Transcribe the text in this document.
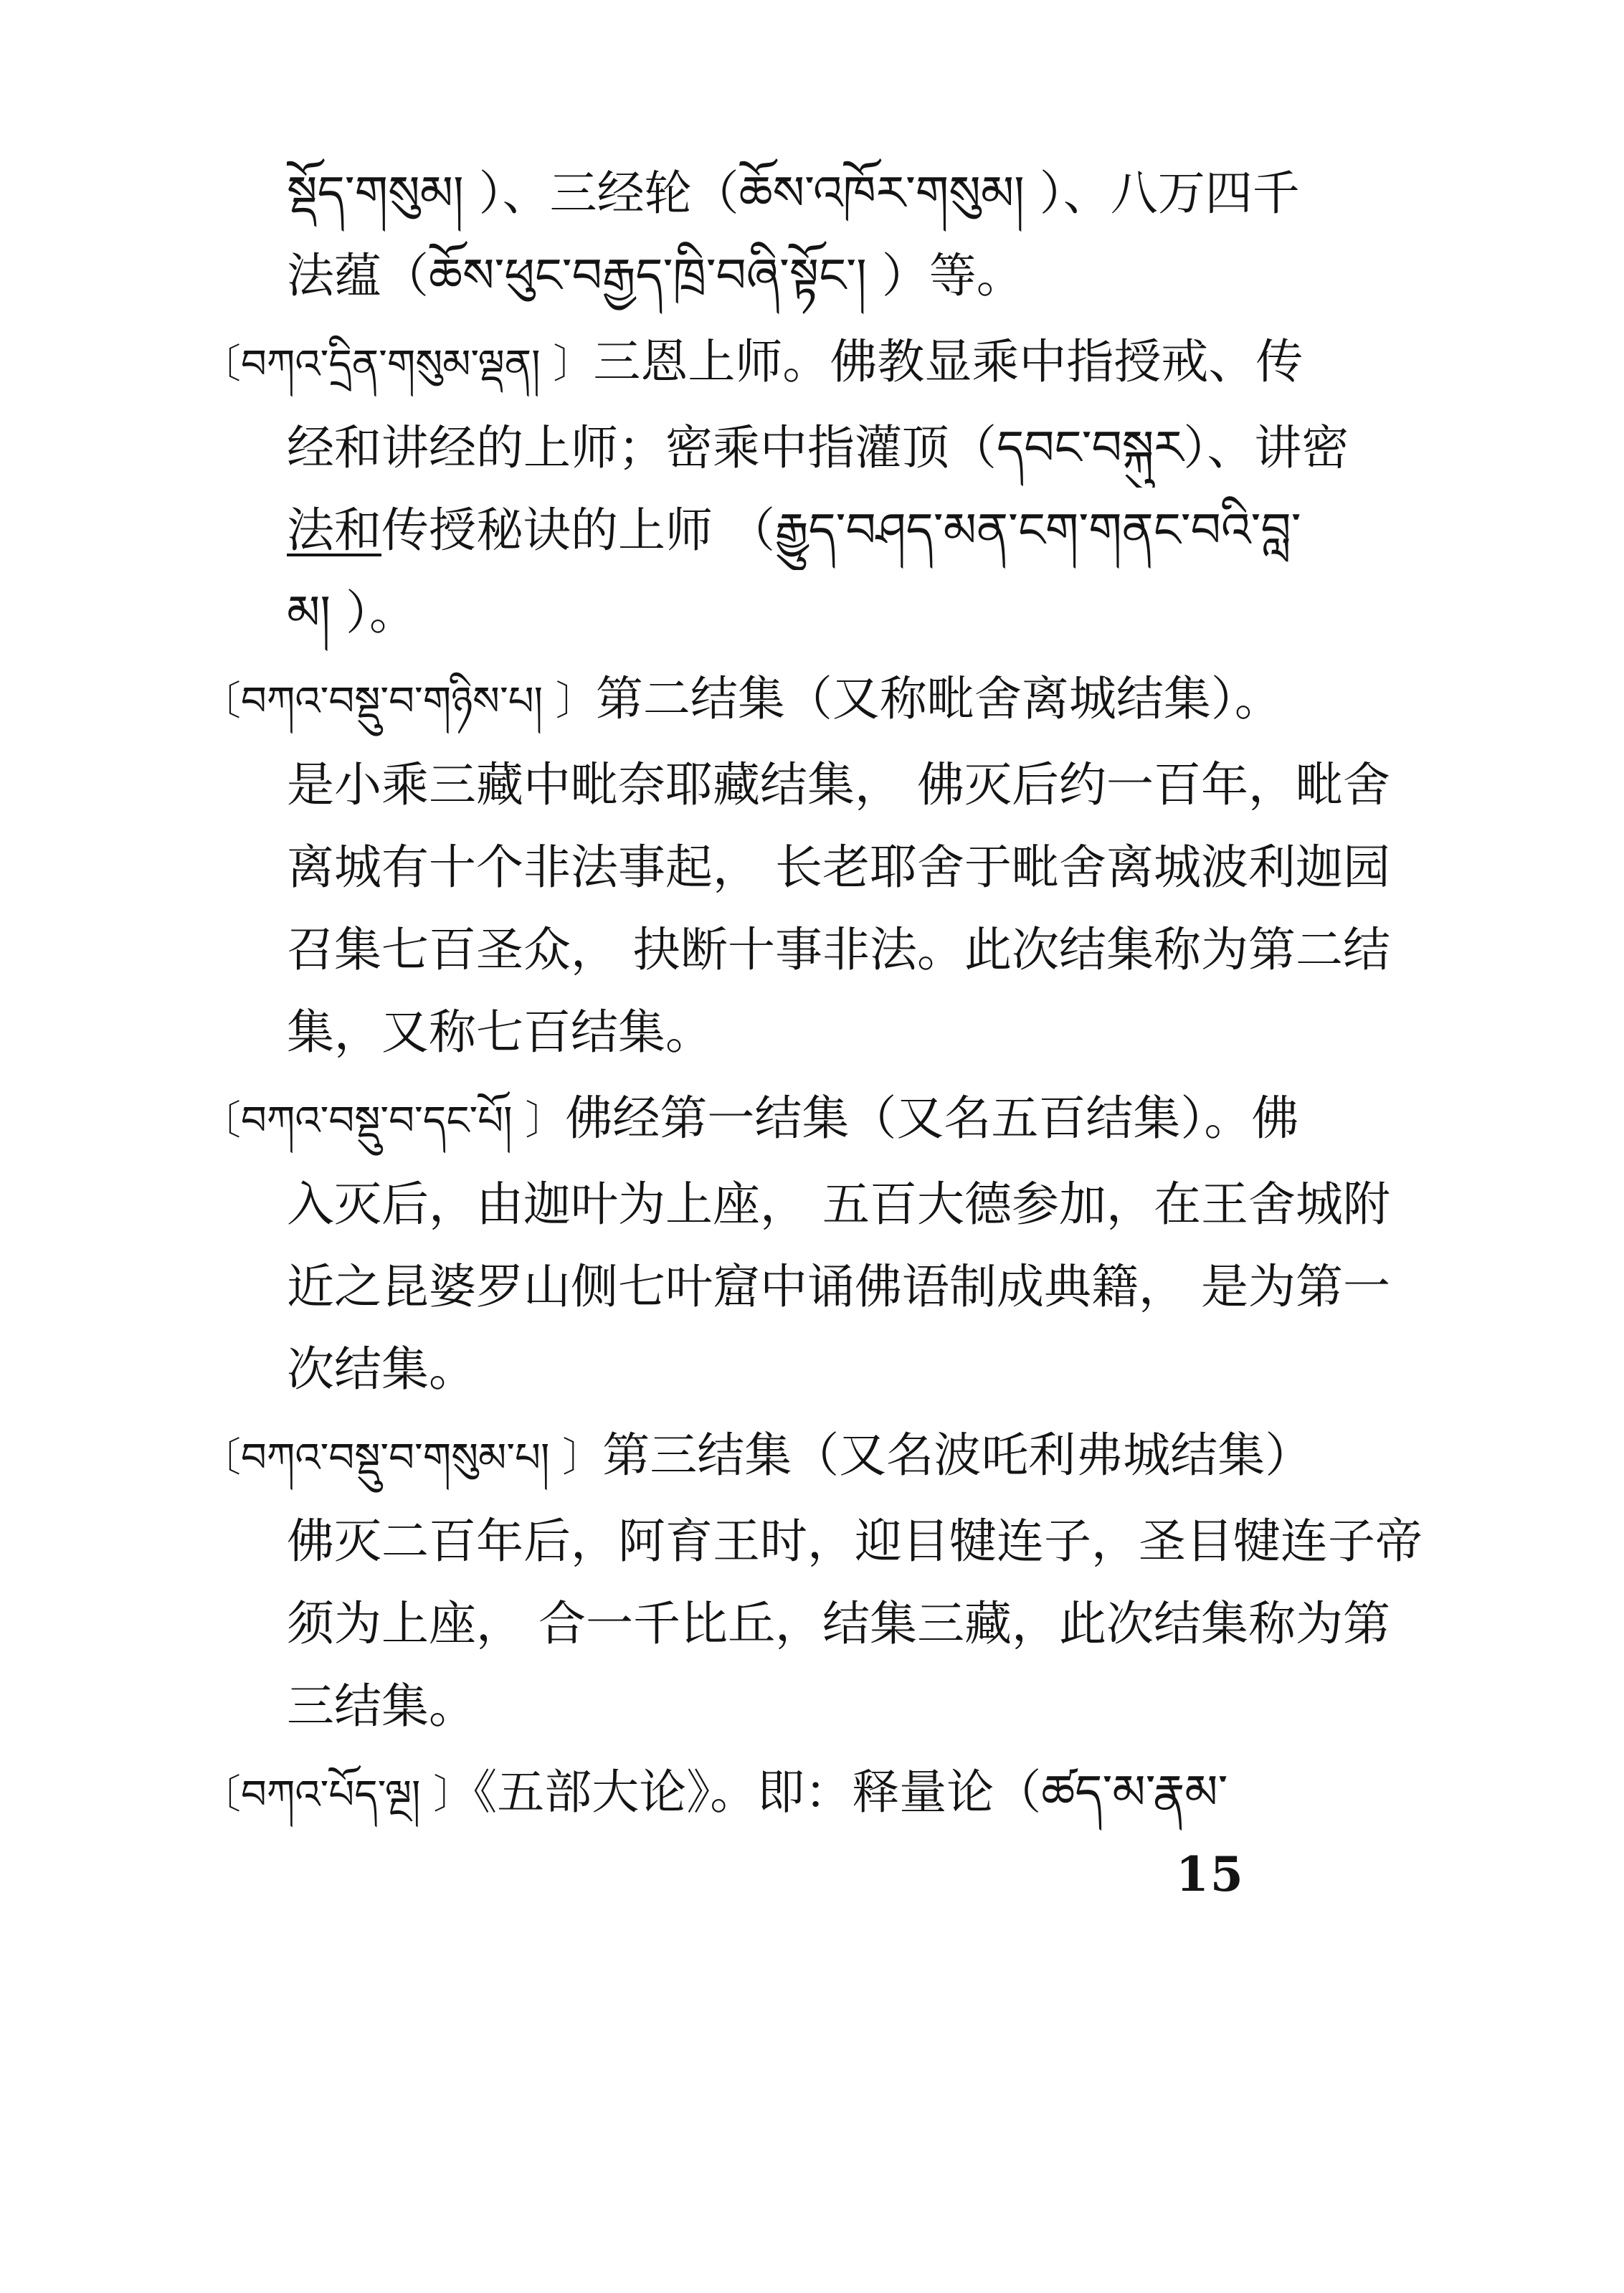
སྡོད་གསུམ། ）、三经轮（ཆོས་འཁོར་གསུམ། ）、八万四千
法蕴（ཆོས་ཕུང་བརྒྱད་ཁྲི་བཞི་སྟོང་། ）等。
〔བཀའ་དྲིན་གསུམ་ལྡན། 〕三恩上师。佛教显乘中指授戒、传
经和讲经的上师；密乘中指灌顶（དབང་བསྐུར）、讲密
法和传授秘诀的上师 （རྒྱུད་བཤད་མན་ངག་གནང་བའི་བླ་
མ། ）。
〔བཀའ་བསྡུ་བ་གཉིས་པ། 〕第二结集（又称毗舍离城结集）。
是小乘三藏中毗奈耶藏结集， 佛灭后约一百年，毗舍
离城有十个非法事起， 长老耶舍于毗舍离城波利迦园
召集七百圣众， 抉断十事非法。此次结集称为第二结
集，又称七百结集。
〔བཀའ་བསྡུ་བ་དང་པོ། 〕佛经第一结集（又名五百结集）。佛
入灭后，由迦叶为上座， 五百大德参加，在王舍城附
近之昆婆罗山侧七叶窟中诵佛语制成典籍， 是为第一
次结集。
〔བཀའ་བསྡུ་བ་གསུམ་པ། 〕第三结集（又名波吒利弗城结集）
佛灭二百年后，阿育王时，迎目犍连子，圣目犍连子帝
须为上座， 合一千比丘，结集三藏，此次结集称为第
三结集。
〔བཀའ་པོད་ལྔ། 〕《五部大论》。即：释量论（ཚད་མ་རྣམ་
15
